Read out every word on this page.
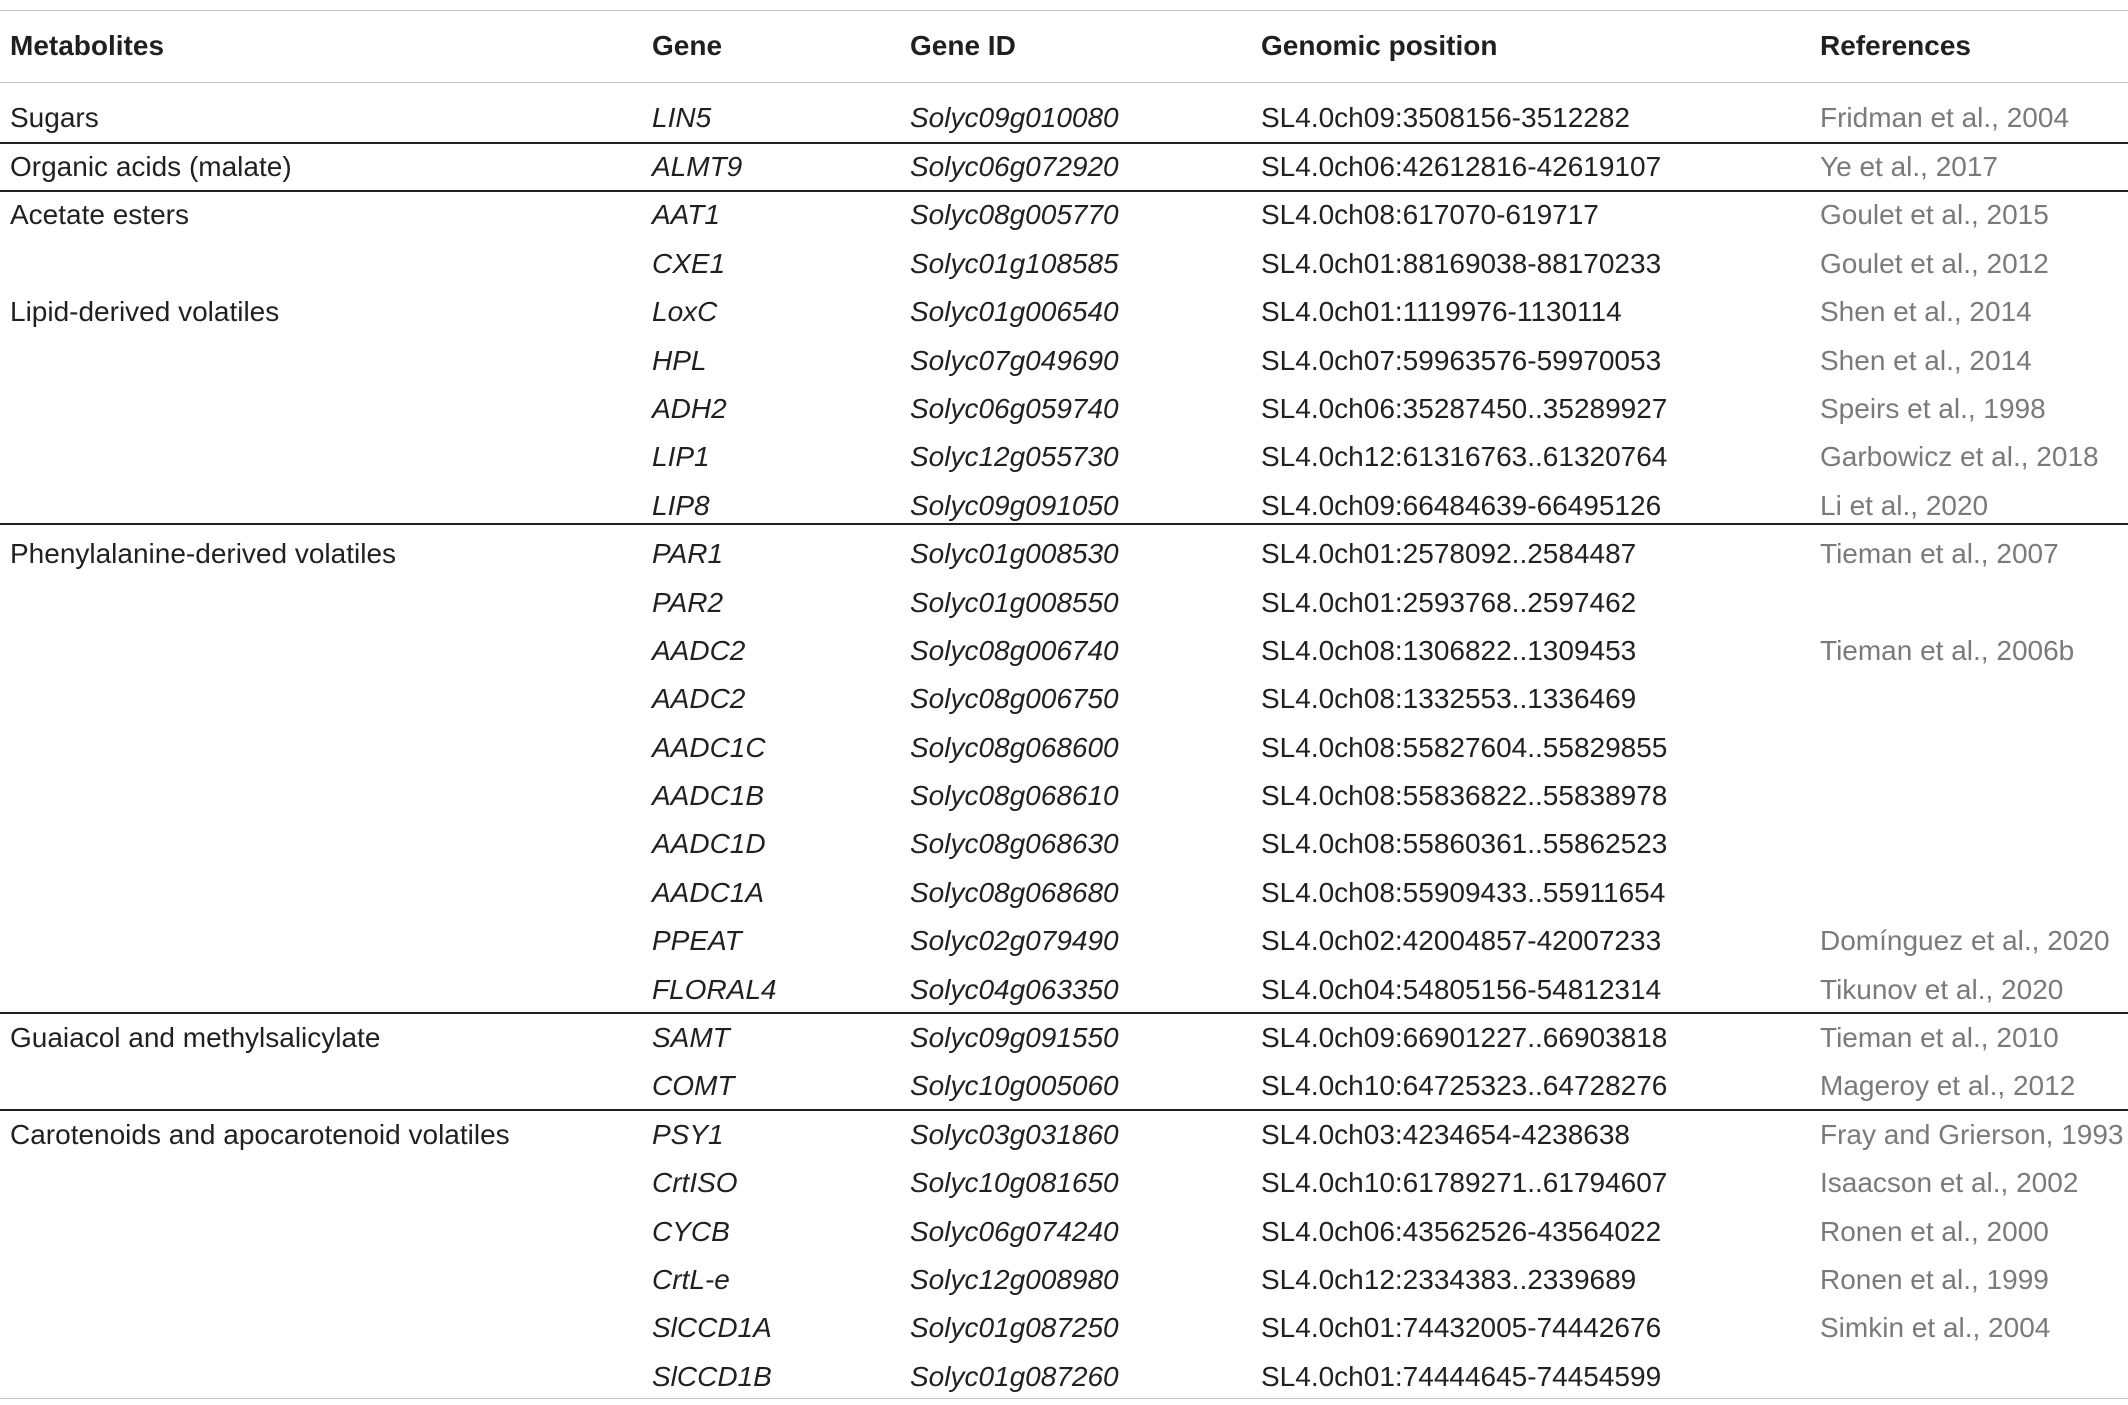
Metabolites	Gene	Gene ID	Genomic position	References
Sugars	LIN5	Solyc09g010080	SL4.0ch09:3508156-3512282	Fridman et al., 2004
Organic acids (malate)	ALMT9	Solyc06g072920	SL4.0ch06:42612816-42619107	Ye et al., 2017
Acetate esters	AAT1	Solyc08g005770	SL4.0ch08:617070-619717	Goulet et al., 2015
CXE1	Solyc01g108585	SL4.0ch01:88169038-88170233	Goulet et al., 2012
Lipid-derived volatiles	LoxC	Solyc01g006540	SL4.0ch01:1119976-1130114	Shen et al., 2014
HPL	Solyc07g049690	SL4.0ch07:59963576-59970053	Shen et al., 2014
ADH2	Solyc06g059740	SL4.0ch06:35287450..35289927	Speirs et al., 1998
LIP1	Solyc12g055730	SL4.0ch12:61316763..61320764	Garbowicz et al., 2018
LIP8	Solyc09g091050	SL4.0ch09:66484639-66495126	Li et al., 2020
Phenylalanine-derived volatiles	PAR1	Solyc01g008530	SL4.0ch01:2578092..2584487	Tieman et al., 2007
PAR2	Solyc01g008550	SL4.0ch01:2593768..2597462
AADC2	Solyc08g006740	SL4.0ch08:1306822..1309453	Tieman et al., 2006b
AADC2	Solyc08g006750	SL4.0ch08:1332553..1336469
AADC1C	Solyc08g068600	SL4.0ch08:55827604..55829855
AADC1B	Solyc08g068610	SL4.0ch08:55836822..55838978
AADC1D	Solyc08g068630	SL4.0ch08:55860361..55862523
AADC1A	Solyc08g068680	SL4.0ch08:55909433..55911654
PPEAT	Solyc02g079490	SL4.0ch02:42004857-42007233	Domínguez et al., 2020
FLORAL4	Solyc04g063350	SL4.0ch04:54805156-54812314	Tikunov et al., 2020
Guaiacol and methylsalicylate	SAMT	Solyc09g091550	SL4.0ch09:66901227..66903818	Tieman et al., 2010
COMT	Solyc10g005060	SL4.0ch10:64725323..64728276	Mageroy et al., 2012
Carotenoids and apocarotenoid volatiles	PSY1	Solyc03g031860	SL4.0ch03:4234654-4238638	Fray and Grierson, 1993
CrtISO	Solyc10g081650	SL4.0ch10:61789271..61794607	Isaacson et al., 2002
CYCB	Solyc06g074240	SL4.0ch06:43562526-43564022	Ronen et al., 2000
CrtL-e	Solyc12g008980	SL4.0ch12:2334383..2339689	Ronen et al., 1999
SlCCD1A	Solyc01g087250	SL4.0ch01:74432005-74442676	Simkin et al., 2004
SlCCD1B	Solyc01g087260	SL4.0ch01:74444645-74454599
